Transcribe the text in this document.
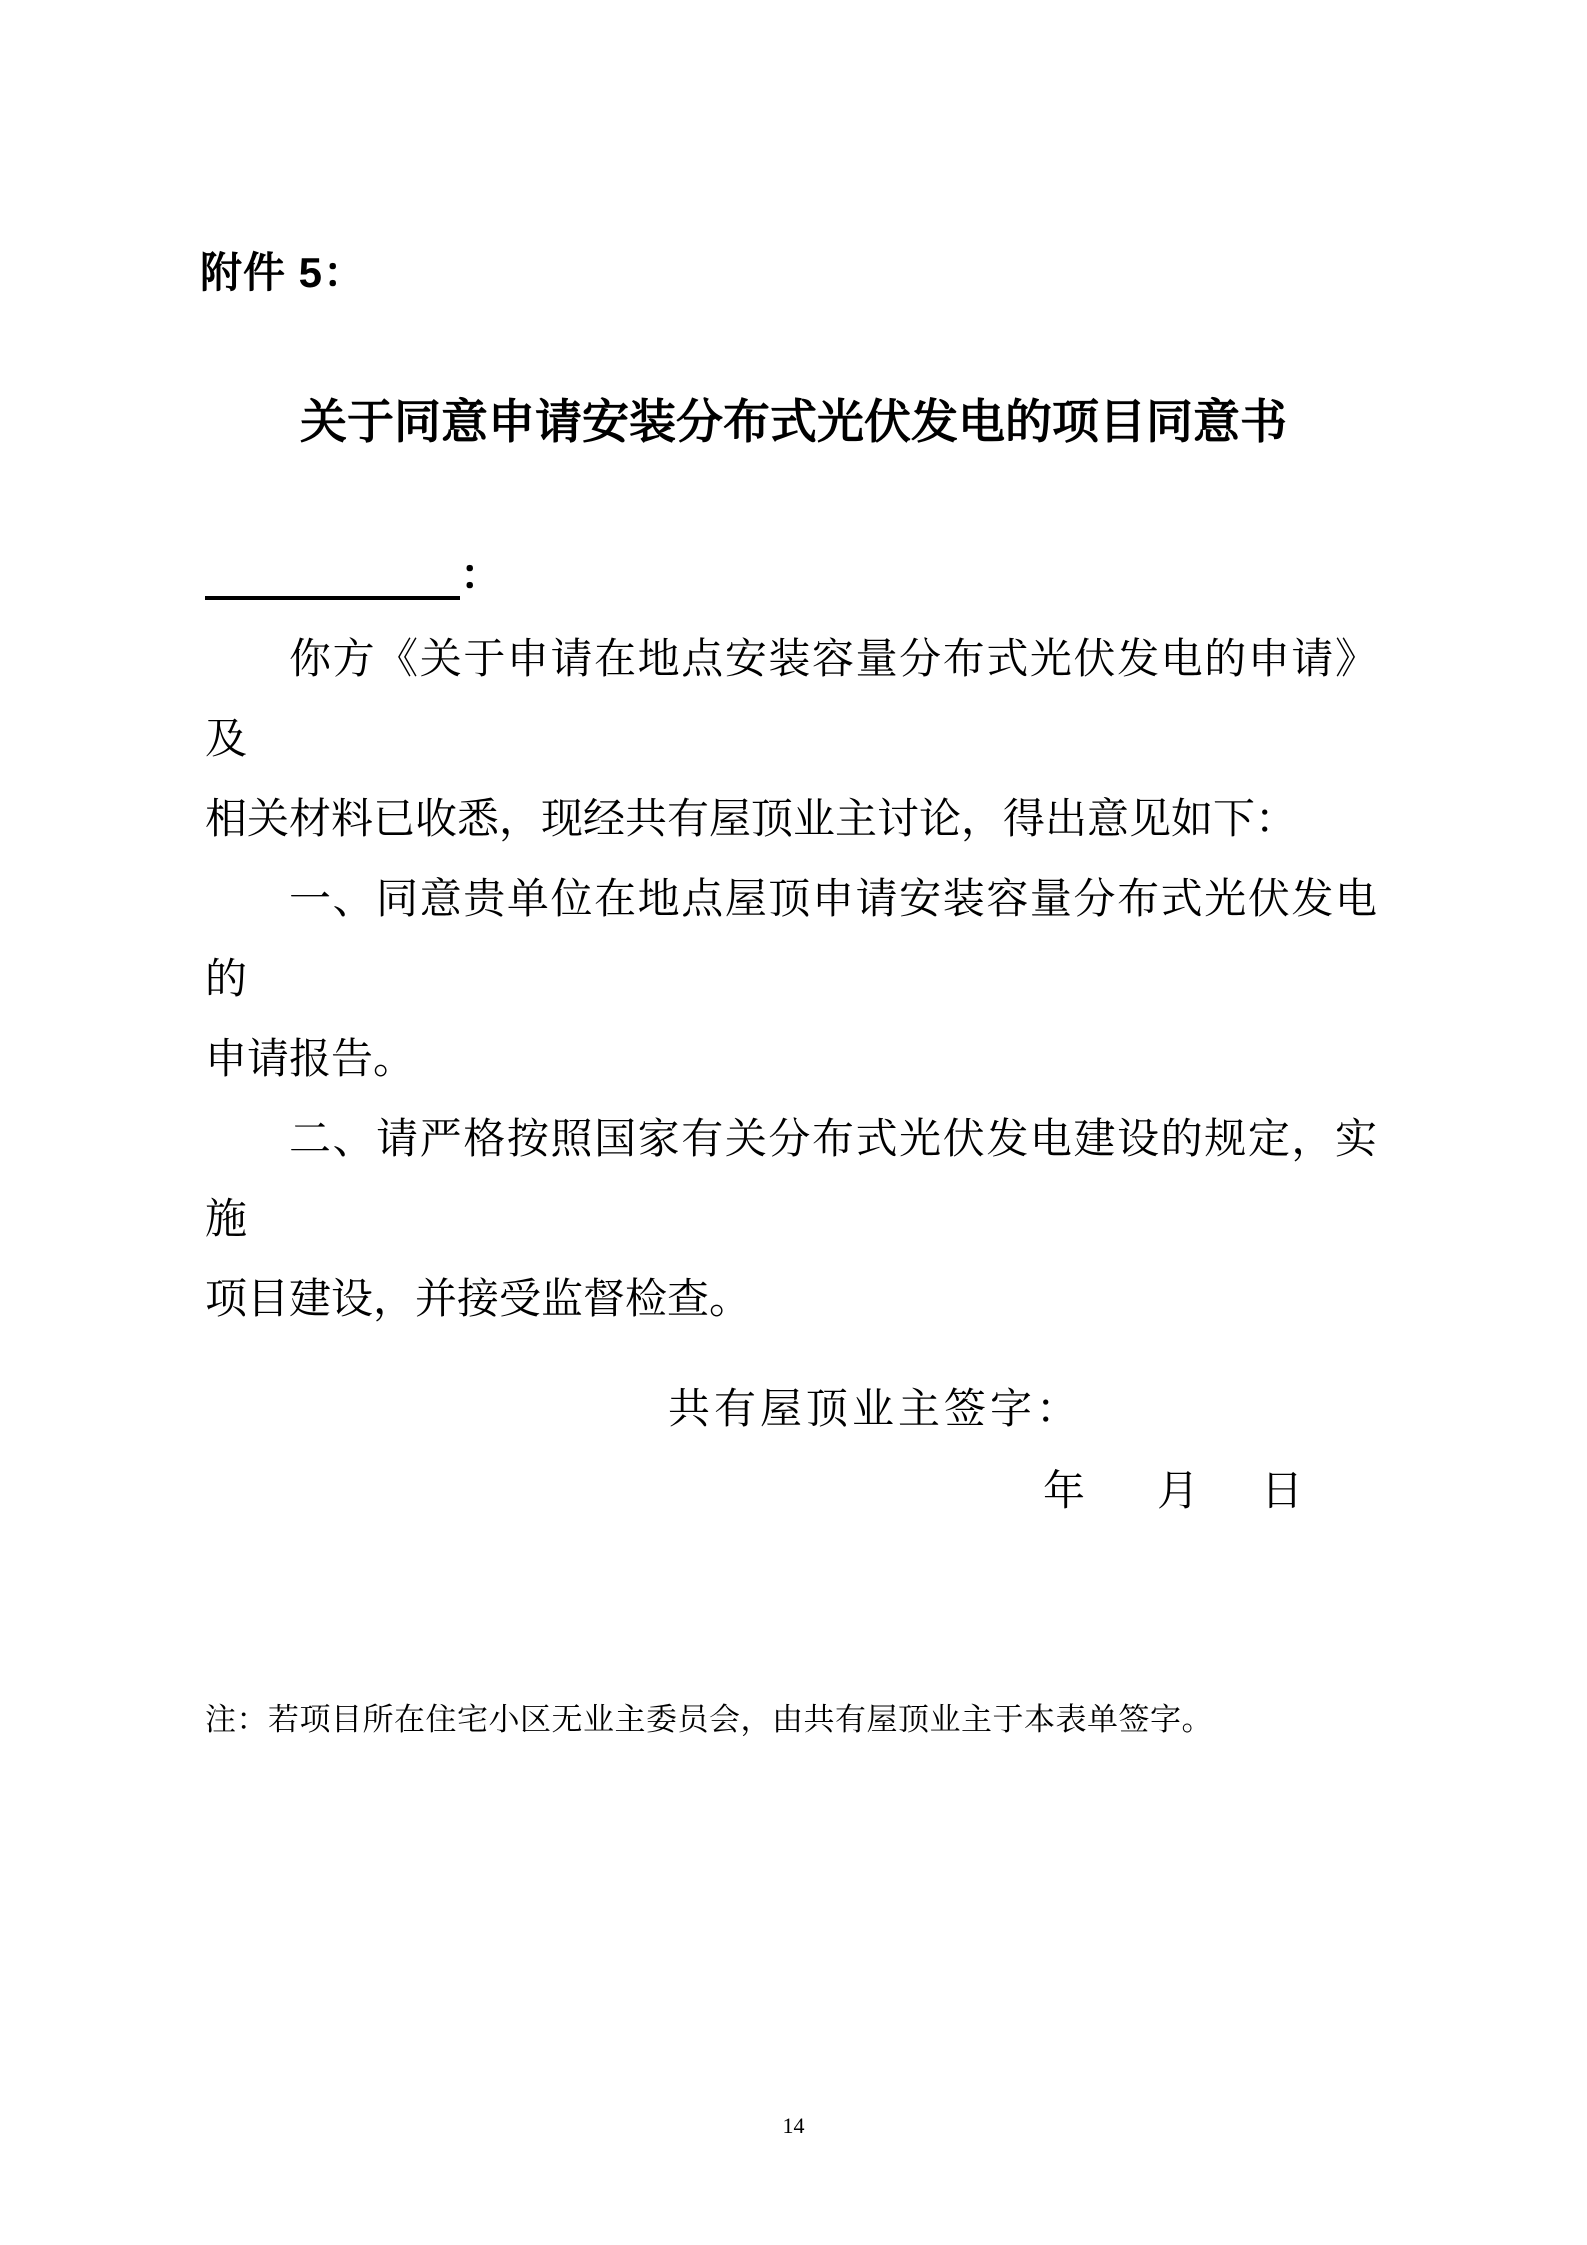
附件 5：
关于同意申请安装分布式光伏发电的项目同意书
：
你方《关于申请在地点安装容量分布式光伏发电的申请》及
相关材料已收悉，现经共有屋顶业主讨论，得出意见如下：
一、同意贵单位在地点屋顶申请安装容量分布式光伏发电的
申请报告。
二、请严格按照国家有关分布式光伏发电建设的规定，实施
项目建设，并接受监督检查。
共有屋顶业主签字：
年 月 日
注：若项目所在住宅小区无业主委员会，由共有屋顶业主于本表单签字。
14
